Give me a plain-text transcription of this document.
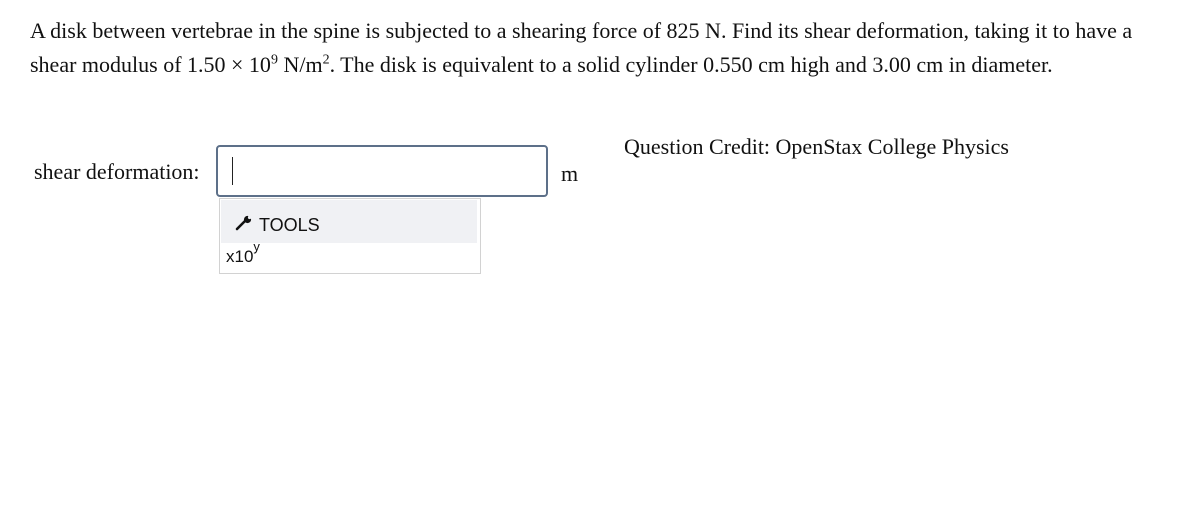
A disk between vertebrae in the spine is subjected to a shearing force of 825 N. Find its shear deformation, taking it to have a shear modulus of $1.50 \times 10^9$ $N/m^2$. The disk is equivalent to a solid cylinder 0.550 cm high and 3.00 cm in diameter.

Question Credit: OpenStax College Physics
shear deformation:	m
TOOLS
x10$^y$
